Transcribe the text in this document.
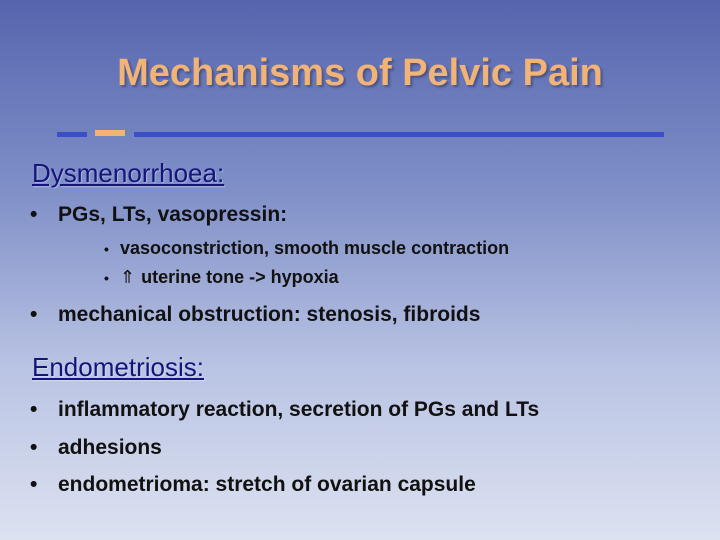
Mechanisms of Pelvic Pain
Dysmenorrhoea:
• PGs, LTs, vasopressin:
• vasoconstriction, smooth muscle contraction
• ⇑ uterine tone -> hypoxia
• mechanical obstruction: stenosis, fibroids
Endometriosis:
• inflammatory reaction, secretion of PGs and LTs
• adhesions
• endometrioma: stretch of ovarian capsule
